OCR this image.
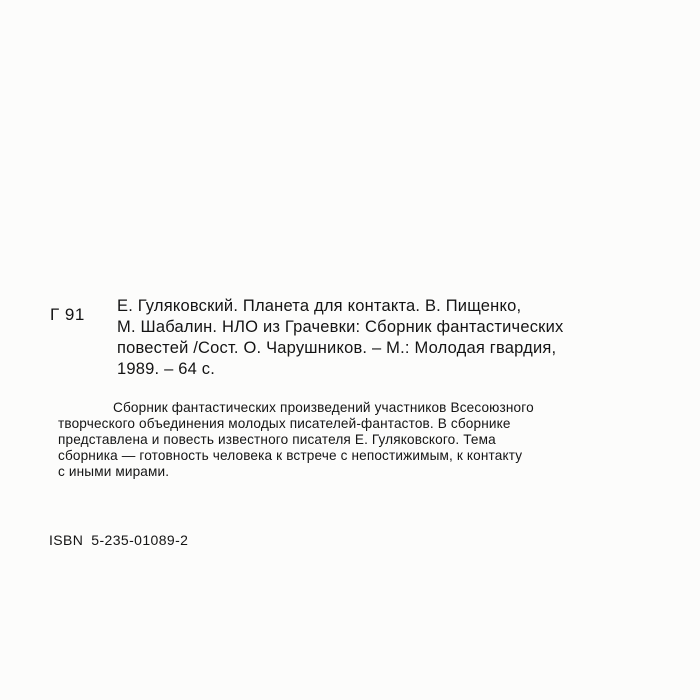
Г 91 Е. Гуляковский. Планета для контакта. В. Пищенко,
М. Шабалин. НЛО из Грачевки: Сборник фантастических
повестей /Сост. О. Чарушников. – М.: Молодая гвардия,
1989. – 64 с.
Сборник фантастических произведений участников Всесоюзного
творческого объединения молодых писателей-фантастов. В сборнике
представлена и повесть известного писателя Е. Гуляковского. Тема
сборника — готовность человека к встрече с непостижимым, к контакту
с иными мирами.
ISBN 5-235-01089-2
